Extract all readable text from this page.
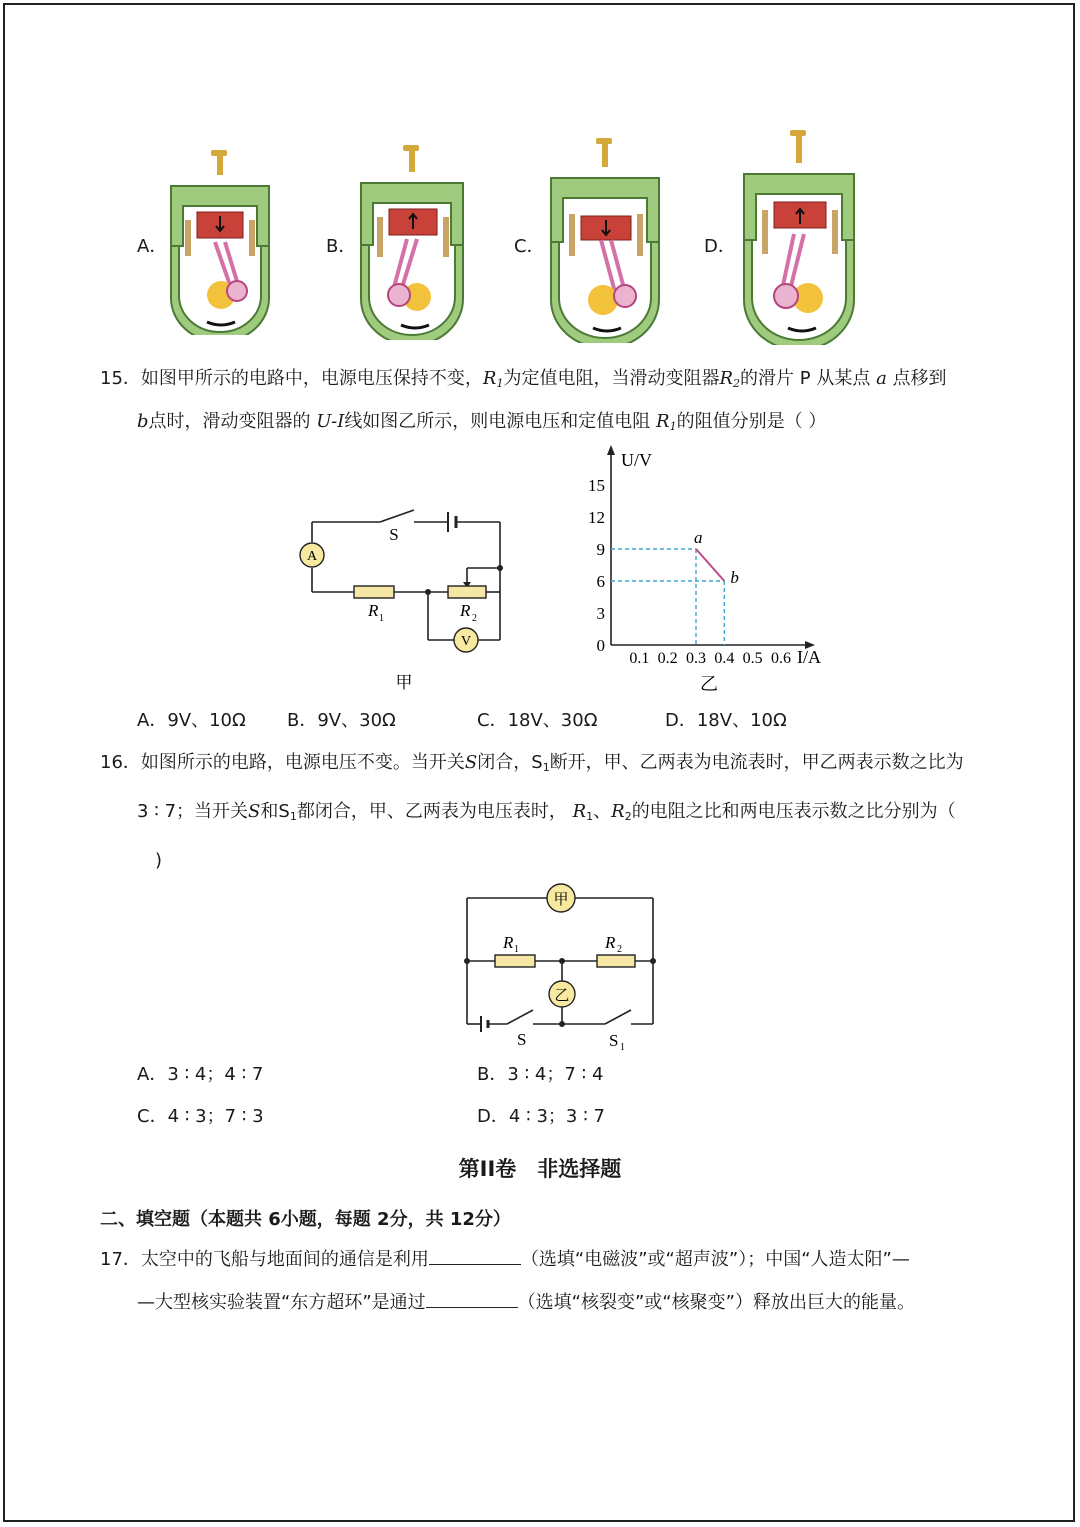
A．	B．	C．	D．
15．如图甲所示的电路中，电源电压保持不变，$R_1$为定值电阻，当滑动变阻器$R_2$的滑片 P 从某点 a 点移到
b点时，滑动变阻器的 U-I线如图乙所示，则电源电压和定值电阻 $R_1$的阻值分别是（ ）
A
V
S
R 1	R 2
甲
U/V
I/A
0.1 0.2 0.3 0.4 0.5 0.6
0
3
6
9
12
15
a
b
乙
A．9V、10Ω B．9V、30Ω	C．18V、30Ω	D．18V、10Ω
16．如图所示的电路，电源电压不变。当开关S闭合，$S_1$断开，甲、乙两表为电流表时，甲乙两表示数之比为
3 ∶ 7；当开关S和$S_1$都闭合，甲、乙两表为电压表时， $R_1$、$R_2$的电阻之比和两电压表示数之比分别为（
)
甲
乙
R 1	R 2
S	S 1
A．3 ∶ 4；4 ∶ 7	B．3 ∶ 4；7 ∶ 4
C．4 ∶ 3；7 ∶ 3	D．4 ∶ 3；3 ∶ 7
第II卷　非选择题
二、填空题（本题共 6小题，每题 2分，共 12分）
17．太空中的飞船与地面间的通信是利用	（选填“电磁波”或“超声波”）；中国“人造太阳”—
—大型核实验装置“东方超环”是通过	（选填“核裂变”或“核聚变”）释放出巨大的能量。
